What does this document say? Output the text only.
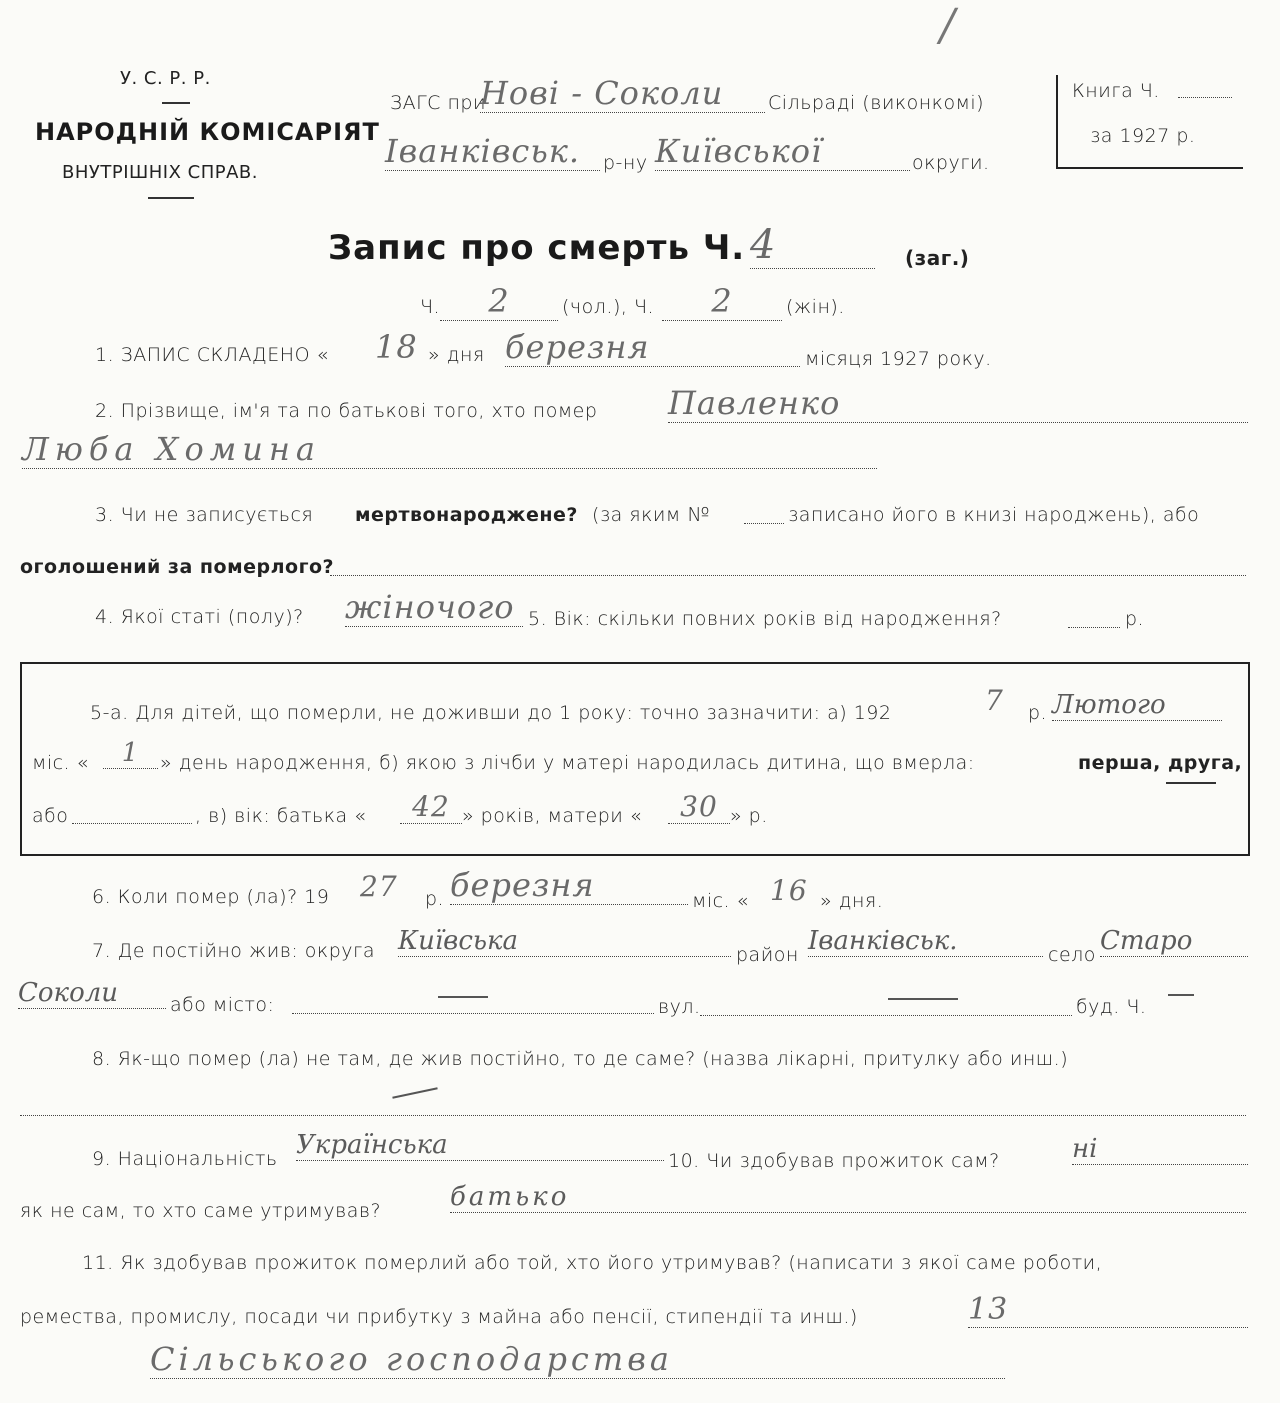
У. С. Р. Р.
НАРОДНІЙ КОМІСАРІЯТ
ВНУТРІШНІХ СПРАВ.
/
ЗАГС при
Нові - Соколи	Сільраді (виконкомі)
Іванківськ.	р-ну Київської	округи.
Книга Ч.
за 1927 р.
Запис про смерть Ч. 4	(заг.)
Ч.	2	(чол.), Ч.	2	(жін).
1. ЗАПИС СКЛАДЕНО « 18 » дня березня	місяця 1927 року.
2. Прізвище, ім'я та по батькові того, хто помер Павленко
Люба Хомина
3. Чи не записується мертвонароджене? (за яким №	записано його в книзі народжень), або
оголошений за померлого?
4. Якої статі (полу)? жіночого 5. Вік: скільки повних років від народження?	р.
5-а. Для дітей, що померли, не доживши до 1 року: точно зазначити: а) 192	7 р. Лютого
міс. «	1	» день народження, б) якою з лічби у матері народилась дитина, що вмерла:	перша, друга,
або	, в) вік: батька «	42 » років, матери «	30 » р.
6. Коли помер (ла)? 19 27 р. березня	міс. « 16 » дня.
7. Де постійно жив: округа Київська	район Іванківськ.	село Старо
Соколи	або місто:	вул.	буд. Ч.
8. Як-що помер (ла) не там, де жив постійно, то де саме? (назва лікарні, притулку або инш.)
9. Національність Українська
10. Чи здобував прожиток сам?	ні
як не сам, то хто саме утримував?	батько
11. Як здобував прожиток померлий або той, хто його утримував? (написати з якої саме роботи,
ремества, промислу, посади чи прибутку з майна або пенсії, стипендії та инш.)	13
Сільського господарства
